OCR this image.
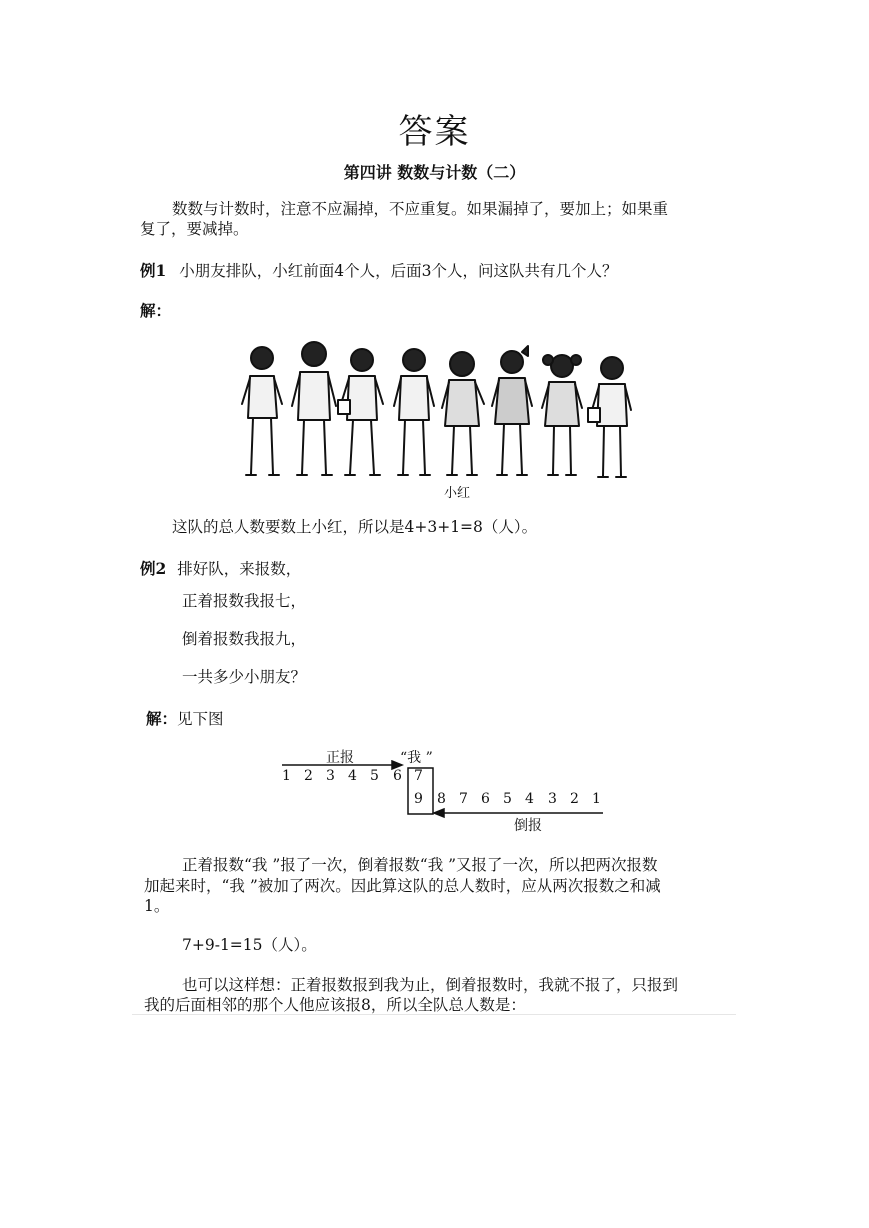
答案
第四讲 数数与计数（二）
数数与计数时，注意不应漏掉，不应重复。如果漏掉了，要加上；如果重
复了，要减掉。
例1 小朋友排队，小红前面4个人，后面3个人，问这队共有几个人？
解：
小红
这队的总人数要数上小红，所以是4+3+1=8（人）。
例2 排好队，来报数，
正着报数我报七，
倒着报数我报九，
一共多少小朋友？
解：见下图
正报	“我 ”
1 2 3 4 5 6 7
9 8 7 6 5 4 3 2 1
倒报
正着报数“我 ”报了一次，倒着报数“我 ”又报了一次，所以把两次报数
加起来时，“我 ”被加了两次。因此算这队的总人数时，应从两次报数之和减
1。
7+9-1=15（人）。
也可以这样想：正着报数报到我为止，倒着报数时，我就不报了，只报到
我的后面相邻的那个人他应该报8，所以全队总人数是：
